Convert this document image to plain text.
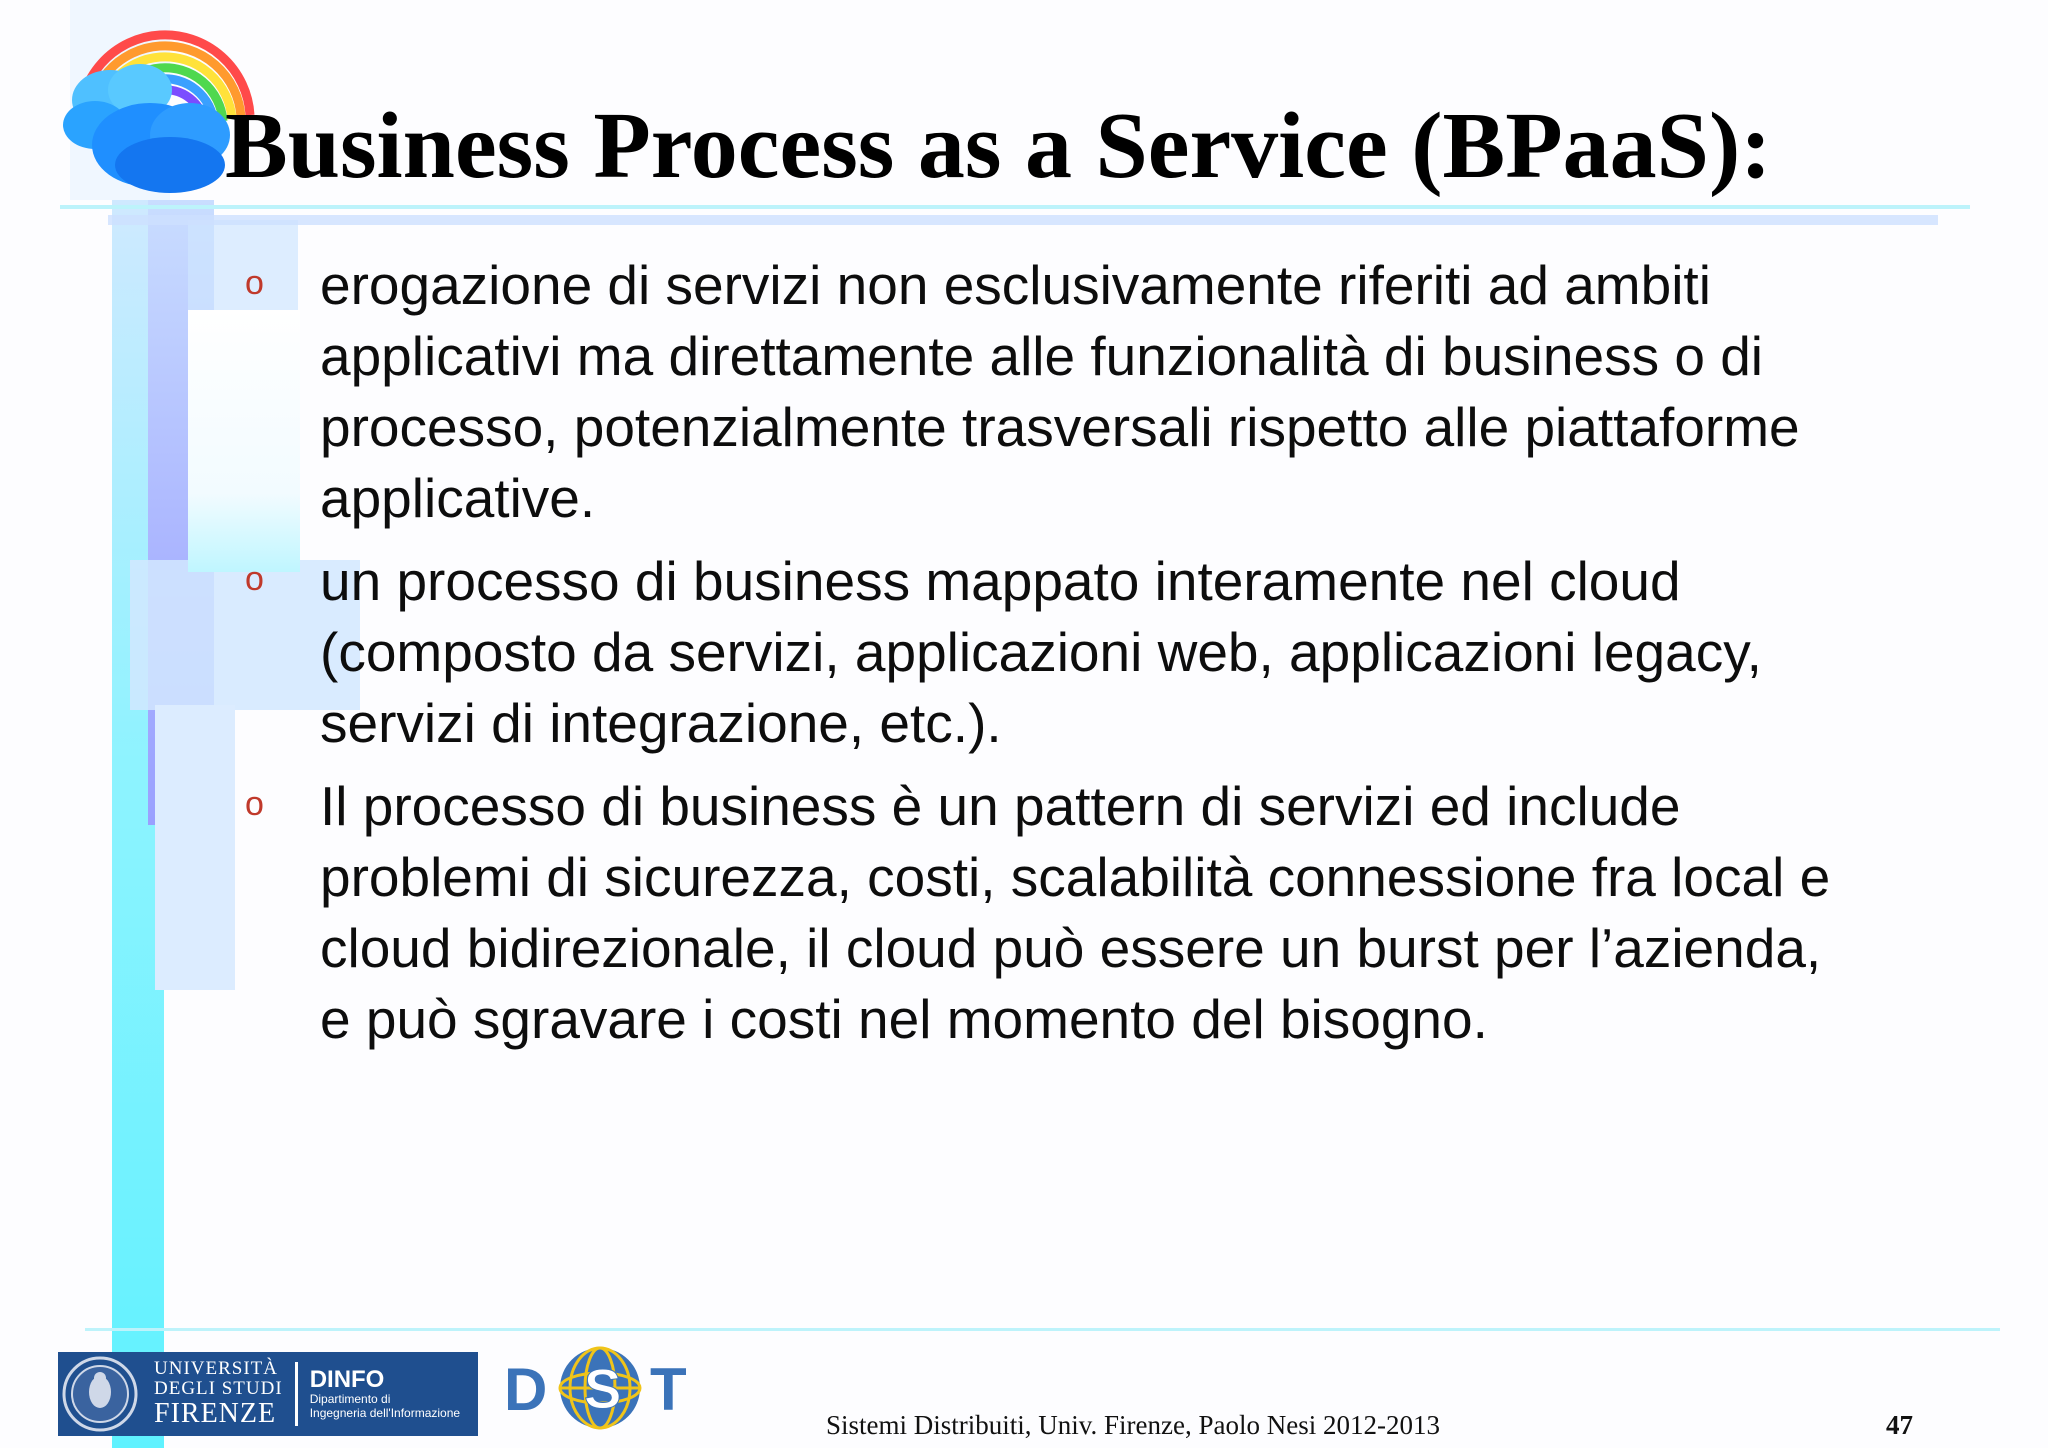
Business Process as a Service (BPaaS):
o erogazione di servizi non esclusivamente riferiti ad ambiti applicativi ma direttamente alle funzionalità di business o di processo, potenzialmente trasversali rispetto alle piattaforme applicative.
o un processo di business mappato interamente nel cloud (composto da servizi, applicazioni web, applicazioni legacy, servizi di integrazione, etc.).
o Il processo di business è un pattern di servizi ed include problemi di sicurezza, costi, scalabilità connessione fra local e cloud bidirezionale, il cloud può essere un burst per l’azienda, e può sgravare i costi nel momento del bisogno.
UNIVERSITÀ
DEGLI STUDI
FIRENZE
DINFO
Dipartimento di
Ingegneria dell'Informazione D S T
Sistemi Distribuiti, Univ. Firenze, Paolo Nesi 2012-2013	47
